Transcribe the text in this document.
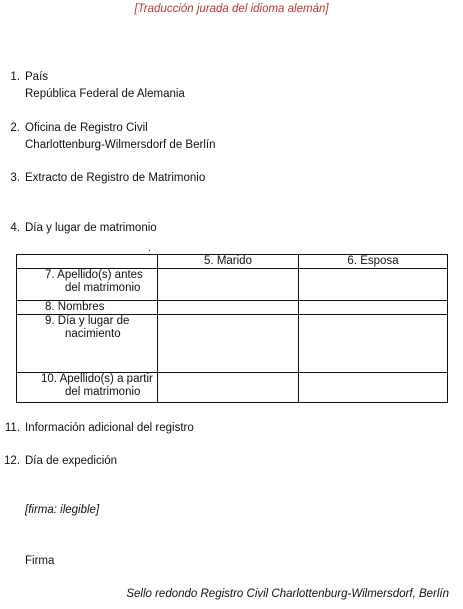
[Traducción jurada del idioma alemán]
1. País
República Federal de Alemania
2. Oficina de Registro Civil
Charlottenburg-Wilmersdorf de Berlín
3. Extracto de Registro de Matrimonio
4. Día y lugar de matrimonio
.
	5. Marido	6. Esposa

7. Apellido(s) antes
del matrimonio		

8. Nombres		

9. Día y lugar de
nacimiento		

10. Apellido(s) a partir
del matrimonio		

11. Información adicional del registro
12. Día de expedición
[firma: ilegible]
Firma
Sello redondo Registro Civil Charlottenburg-Wilmersdorf, Berlín
